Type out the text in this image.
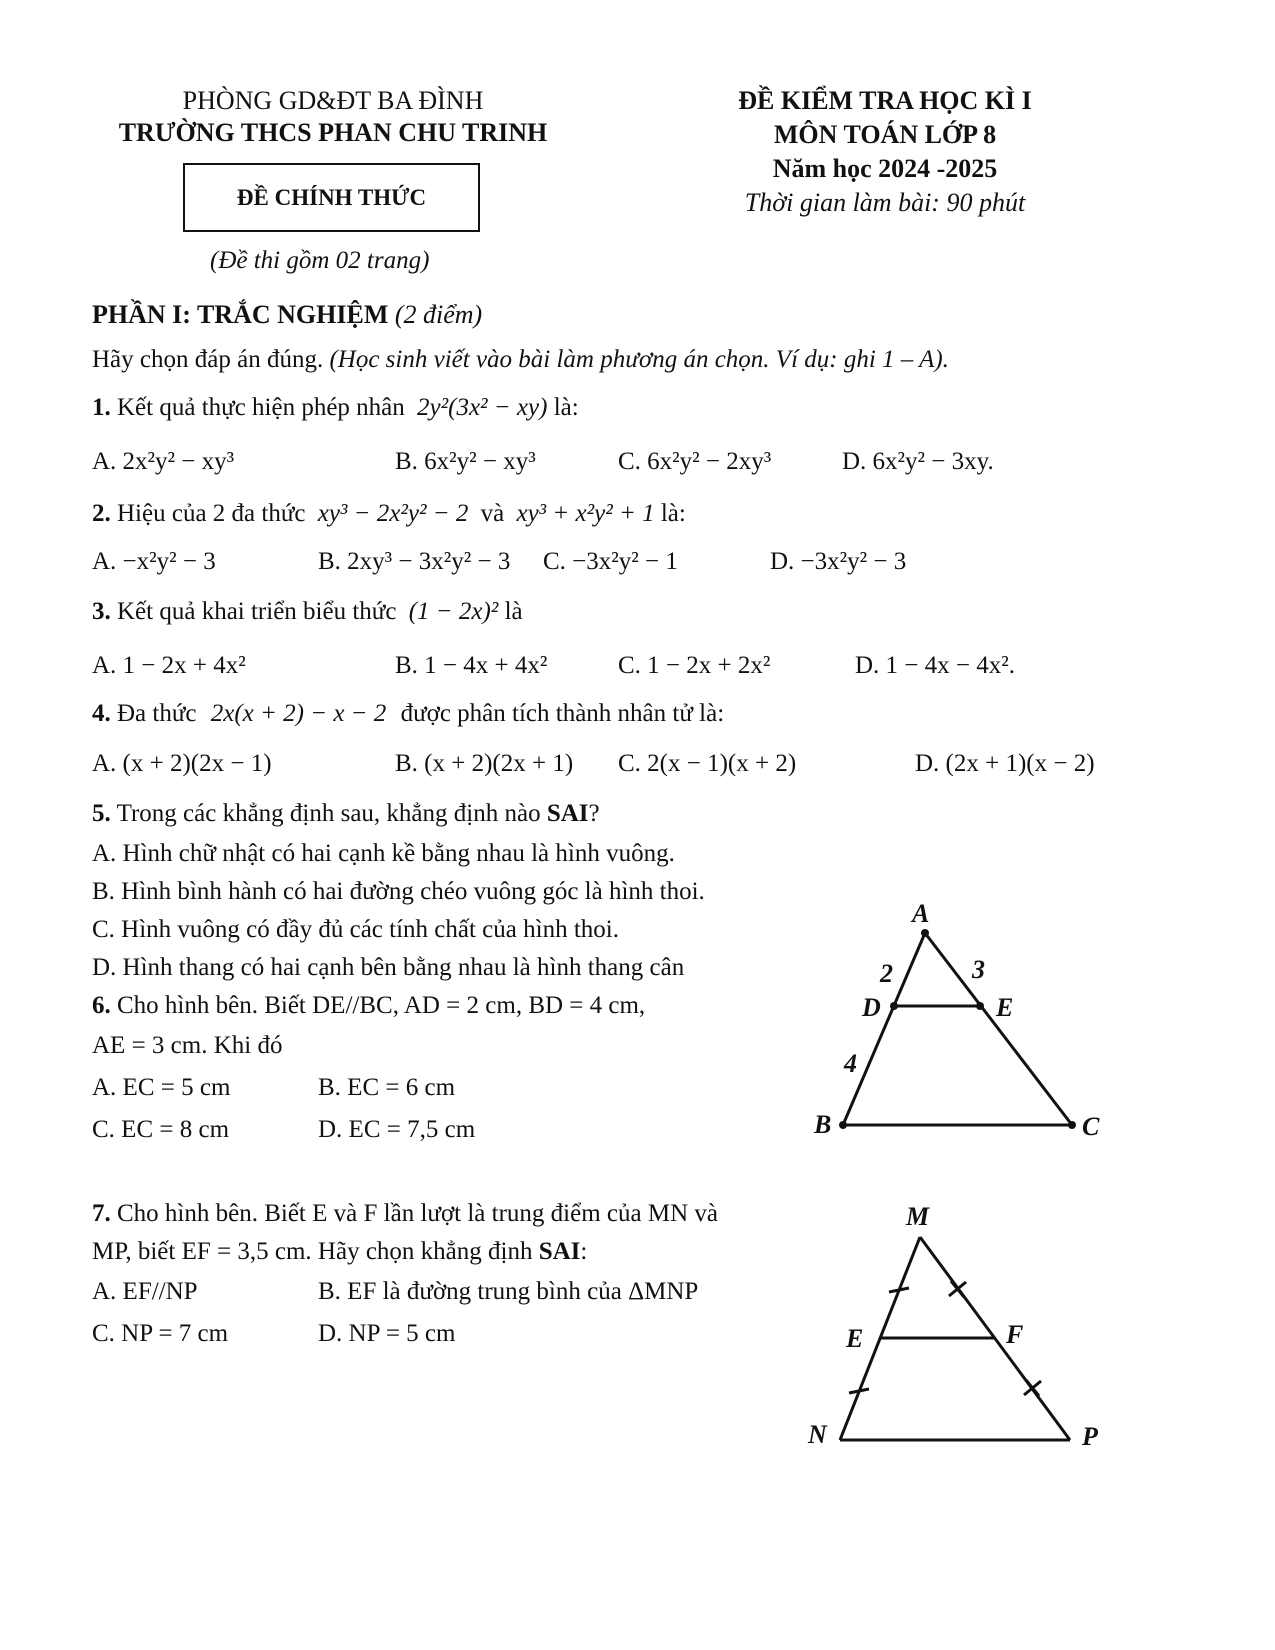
PHÒNG GD&ĐT BA ĐÌNH
TRƯỜNG THCS PHAN CHU TRINH
ĐỀ CHÍNH THỨC
(Đề thi gồm 02 trang)
ĐỀ KIỂM TRA HỌC KÌ I
MÔN TOÁN LỚP 8
Năm học 2024 -2025
Thời gian làm bài: 90 phút
PHẦN I: TRẮC NGHIỆM (2 điểm)
Hãy chọn đáp án đúng. (Học sinh viết vào bài làm phương án chọn. Ví dụ: ghi 1 – A).
1. Kết quả thực hiện phép nhân 2y²(3x² − xy) là:
A. 2x²y² − xy³	B. 6x²y² − xy³	C. 6x²y² − 2xy³	D. 6x²y² − 3xy.
2. Hiệu của 2 đa thức xy³ − 2x²y² − 2 và xy³ + x²y² + 1 là:
A. −x²y² − 3	B. 2xy³ − 3x²y² − 3 C. −3x²y² − 1	D. −3x²y² − 3
3. Kết quả khai triển biểu thức (1 − 2x)² là
A. 1 − 2x + 4x²	B. 1 − 4x + 4x²	C. 1 − 2x + 2x²	D. 1 − 4x − 4x².
4. Đa thức 2x(x + 2) − x − 2 được phân tích thành nhân tử là:
A. (x + 2)(2x − 1)	B. (x + 2)(2x + 1) C. 2(x − 1)(x + 2)	D. (2x + 1)(x − 2)
5. Trong các khẳng định sau, khẳng định nào SAI?
A. Hình chữ nhật có hai cạnh kề bằng nhau là hình vuông.
B. Hình bình hành có hai đường chéo vuông góc là hình thoi.
C. Hình vuông có đầy đủ các tính chất của hình thoi.
D. Hình thang có hai cạnh bên bằng nhau là hình thang cân
6. Cho hình bên. Biết DE//BC, AD = 2 cm, BD = 4 cm,
AE = 3 cm. Khi đó
A. EC = 5 cm	B. EC = 6 cm
C. EC = 8 cm	D. EC = 7,5 cm
7. Cho hình bên. Biết E và F lần lượt là trung điểm của MN và
MP, biết EF = 3,5 cm. Hãy chọn khẳng định SAI:
A. EF//NP	B. EF là đường trung bình của ΔMNP
C. NP = 7 cm	D. NP = 5 cm
A
B	C
D	E
2	3
4
M
N	P
E	F
